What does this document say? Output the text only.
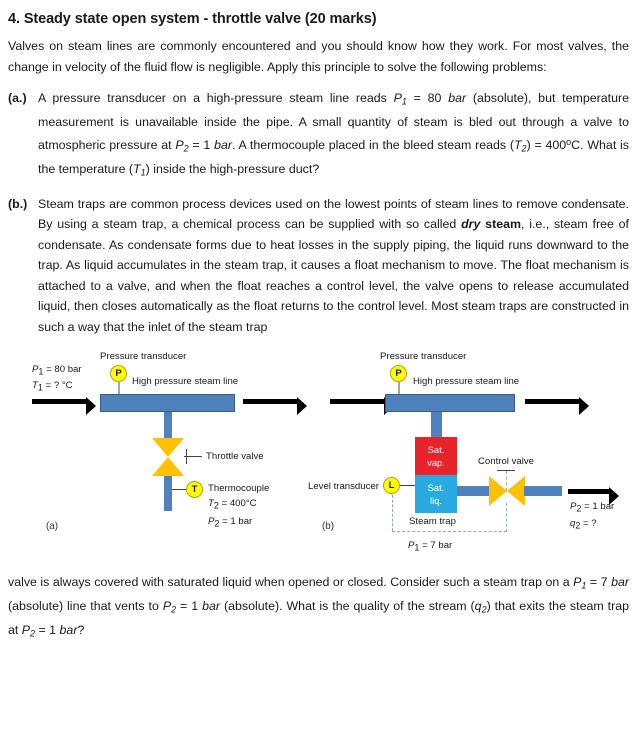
4. Steady state open system - throttle valve (20 marks)

Valves on steam lines are commonly encountered and you should know how they work. For most valves, the change in velocity of the fluid flow is negligible. Apply this principle to solve the following problems:

(a.) A pressure transducer on a high-pressure steam line reads $P_1 = 80$ bar (absolute), but temperature measurement is unavailable inside the pipe. A small quantity of steam is bled out through a valve to atmospheric pressure at $P_2 = 1$ bar. A thermocouple placed in the bleed steam reads $(T_2) = 400^oC$. What is the temperature $(T_1)$ inside the high-pressure duct?
(b.) Steam traps are common process devices used on the lowest points of steam lines to remove condensate. By using a steam trap, a chemical process can be supplied with so called dry steam, i.e., steam free of condensate. As condensate forms due to heat losses in the supply piping, the liquid runs downward to the trap. As liquid accumulates in the steam trap, it causes a float mechanism to move. The float mechanism is attached to a valve, and when the float reaches a control level, the valve opens to release accumulated liquid, then closes automatically as the float returns to the control level. Most steam traps are constructed in such a way that the inlet of the steam trap
P1 = 80 bar
T1 = ? °C
Pressure transducer
P
High pressure steam line
Throttle valve
T	Thermocouple
T2 = 400°C
P2 = 1 bar
(a)
Pressure transducer
P
High pressure steam line
Sat.
vap.
Sat.
liq.
Level transducer	L
Control valve
Steam trap
P2 = 1 bar
q2 = ?
P1 = 7 bar
(b)
valve is always covered with saturated liquid when opened or closed. Consider such a steam trap on a $P_1 = 7$ bar (absolute) line that vents to $P_2 = 1$ bar (absolute). What is the quality of the stream $(q_2)$ that exits the steam trap at $P_2 = 1$ bar?
